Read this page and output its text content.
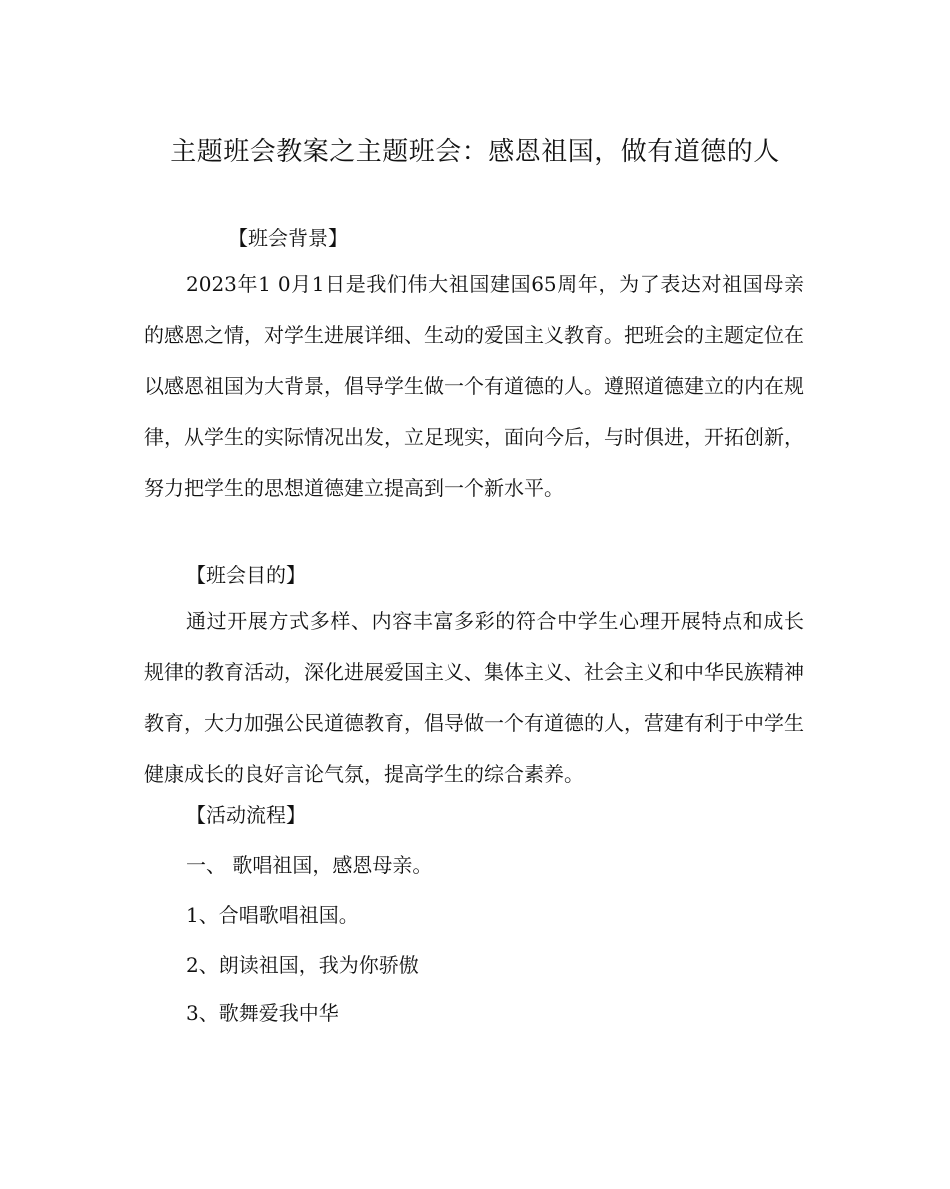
主题班会教案之主题班会：感恩祖国，做有道德的人
【班会背景】

2023年1 0月1日是我们伟大祖国建国65周年，为了表达对祖国母亲的感恩之情，对学生进展详细、生动的爱国主义教育。把班会的主题定位在以感恩祖国为大背景，倡导学生做一个有道德的人。遵照道德建立的内在规律，从学生的实际情况出发，立足现实，面向今后，与时俱进，开拓创新，努力把学生的思想道德建立提高到一个新水平。

【班会目的】

通过开展方式多样、内容丰富多彩的符合中学生心理开展特点和成长规律的教育活动，深化进展爱国主义、集体主义、社会主义和中华民族精神教育，大力加强公民道德教育，倡导做一个有道德的人，营建有利于中学生健康成长的良好言论气氛，提高学生的综合素养。

【活动流程】
一、 歌唱祖国，感恩母亲。
1、合唱歌唱祖国。
2、朗读祖国，我为你骄傲
3、歌舞爱我中华
